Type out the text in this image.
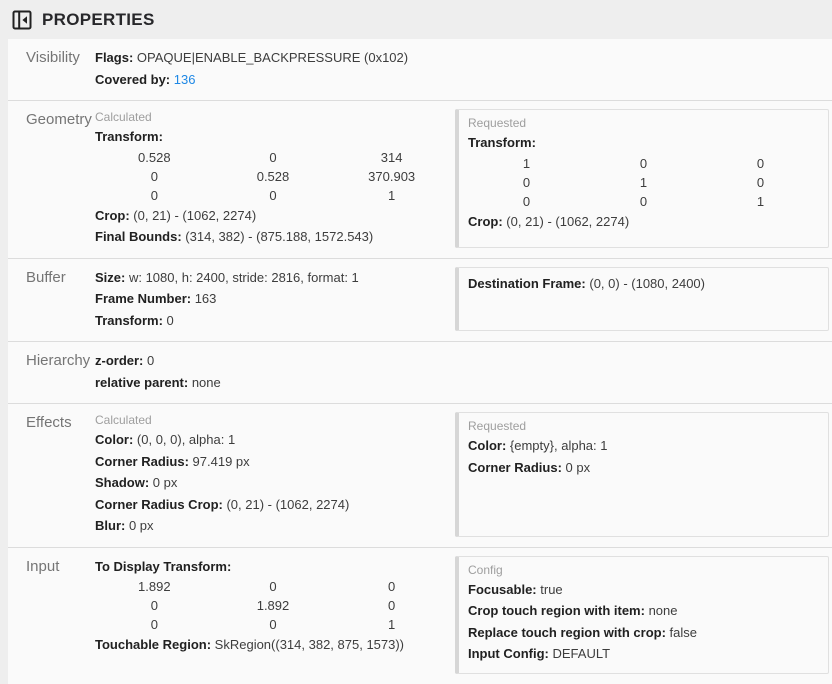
PROPERTIES
Visibility	Flags: OPAQUE|ENABLE_BACKPRESSURE (0x102)
Covered by: 136
Geometry Calculated
Transform:
0.528	0	314
0	0.528	370.903
0	0	1
Crop: (0, 21) - (1062, 2274)
Final Bounds: (314, 382) - (875.188, 1572.543)
Requested
Transform:
1	0	0
0	1	0
0	0	1
Crop: (0, 21) - (1062, 2274)
Buffer	Size: w: 1080, h: 2400, stride: 2816, format: 1
Frame Number: 163
Transform: 0
Destination Frame: (0, 0) - (1080, 2400)
Hierarchy z-order: 0
relative parent: none
Effects	Calculated
Color: (0, 0, 0), alpha: 1
Corner Radius: 97.419 px
Shadow: 0 px
Corner Radius Crop: (0, 21) - (1062, 2274)
Blur: 0 px
Requested
Color: {empty}, alpha: 1
Corner Radius: 0 px
Input	To Display Transform:
1.892	0	0
0	1.892	0
0	0	1
Touchable Region: SkRegion((314, 382, 875, 1573))
Config
Focusable: true
Crop touch region with item: none
Replace touch region with crop: false
Input Config: DEFAULT
